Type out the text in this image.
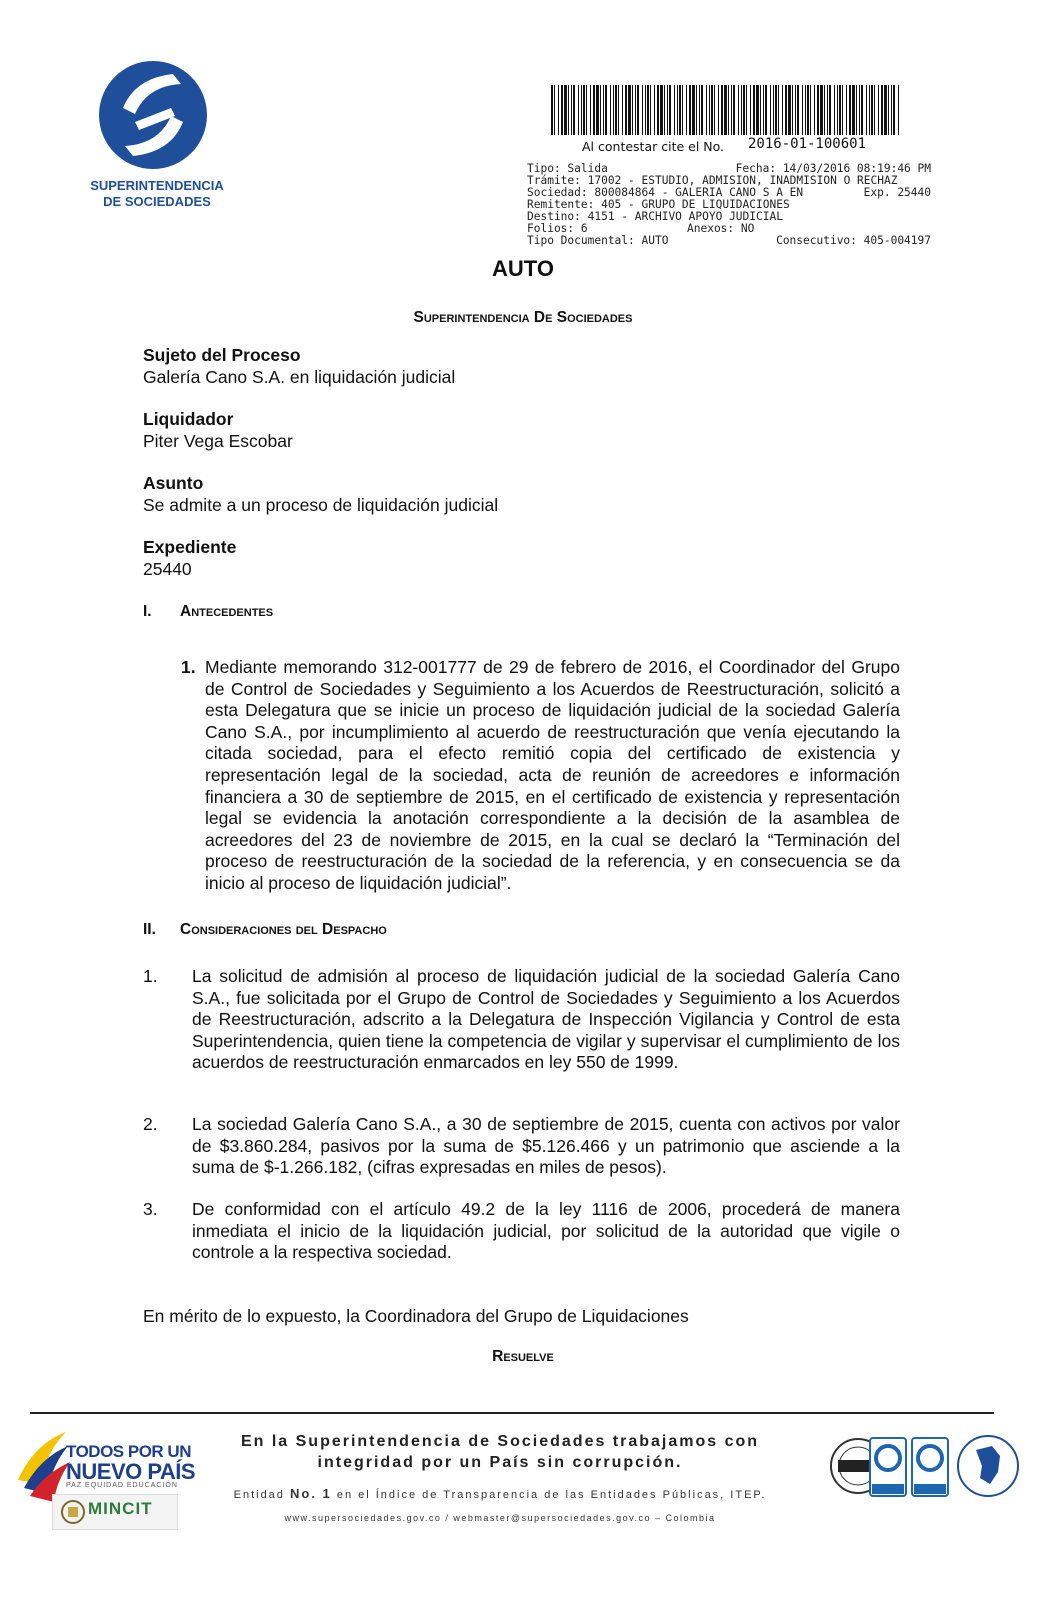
SUPERINTENDENCIA
DE SOCIEDADES
Al contestar cite el No. 2016-01-100601
Tipo: Salida	Fecha: 14/03/2016 08:19:46 PM
Trámite: 17002 - ESTUDIO, ADMISION, INADMISION O RECHAZ
Sociedad: 800084864 - GALERIA CANO S A EN	Exp. 25440
Remitente: 405 - GRUPO DE LIQUIDACIONES
Destino: 4151 - ARCHIVO APOYO JUDICIAL
Folios: 6	Anexos: NO
Tipo Documental: AUTO	Consecutivo: 405-004197
AUTO
Superintendencia De Sociedades
Sujeto del Proceso
Galería Cano S.A. en liquidación judicial
Liquidador
Piter Vega Escobar
Asunto
Se admite a un proceso de liquidación judicial
Expediente
25440
I. Antecedentes
1. Mediante memorando 312-001777 de 29 de febrero de 2016, el Coordinador del Grupo de Control de Sociedades y Seguimiento a los Acuerdos de Reestructuración, solicitó a esta Delegatura que se inicie un proceso de liquidación judicial de la sociedad Galería Cano S.A., por incumplimiento al acuerdo de reestructuración que venía ejecutando la citada sociedad, para el efecto remitió copia del certificado de existencia y representación legal de la sociedad, acta de reunión de acreedores e información financiera a 30 de septiembre de 2015, en el certificado de existencia y representación legal se evidencia la anotación correspondiente a la decisión de la asamblea de acreedores del 23 de noviembre de 2015, en la cual se declaró la “Terminación del proceso de reestructuración de la sociedad de la referencia, y en consecuencia se da inicio al proceso de liquidación judicial”.
II. Consideraciones del Despacho
1. La solicitud de admisión al proceso de liquidación judicial de la sociedad Galería Cano S.A., fue solicitada por el Grupo de Control de Sociedades y Seguimiento a los Acuerdos de Reestructuración, adscrito a la Delegatura de Inspección Vigilancia y Control de esta Superintendencia, quien tiene la competencia de vigilar y supervisar el cumplimiento de los acuerdos de reestructuración enmarcados en ley 550 de 1999.
2. La sociedad Galería Cano S.A., a 30 de septiembre de 2015, cuenta con activos por valor de $3.860.284, pasivos por la suma de $5.126.466 y un patrimonio que asciende a la suma de $-1.266.182, (cifras expresadas en miles de pesos).
3. De conformidad con el artículo 49.2 de la ley 1116 de 2006, procederá de manera inmediata el inicio de la liquidación judicial, por solicitud de la autoridad que vigile o controle a la respectiva sociedad.
En mérito de lo expuesto, la Coordinadora del Grupo de Liquidaciones
Resuelve
TODOS POR UN
NUEVO PAÍS
PAZ EQUIDAD EDUCACIÓN
MINCIT
En la Superintendencia de Sociedades trabajamos con
integridad por un País sin corrupción.
Entidad No. 1 en el Índice de Transparencia de las Entidades Públicas, ITEP.
www.supersociedades.gov.co / webmaster@supersociedades.gov.co – Colombia
